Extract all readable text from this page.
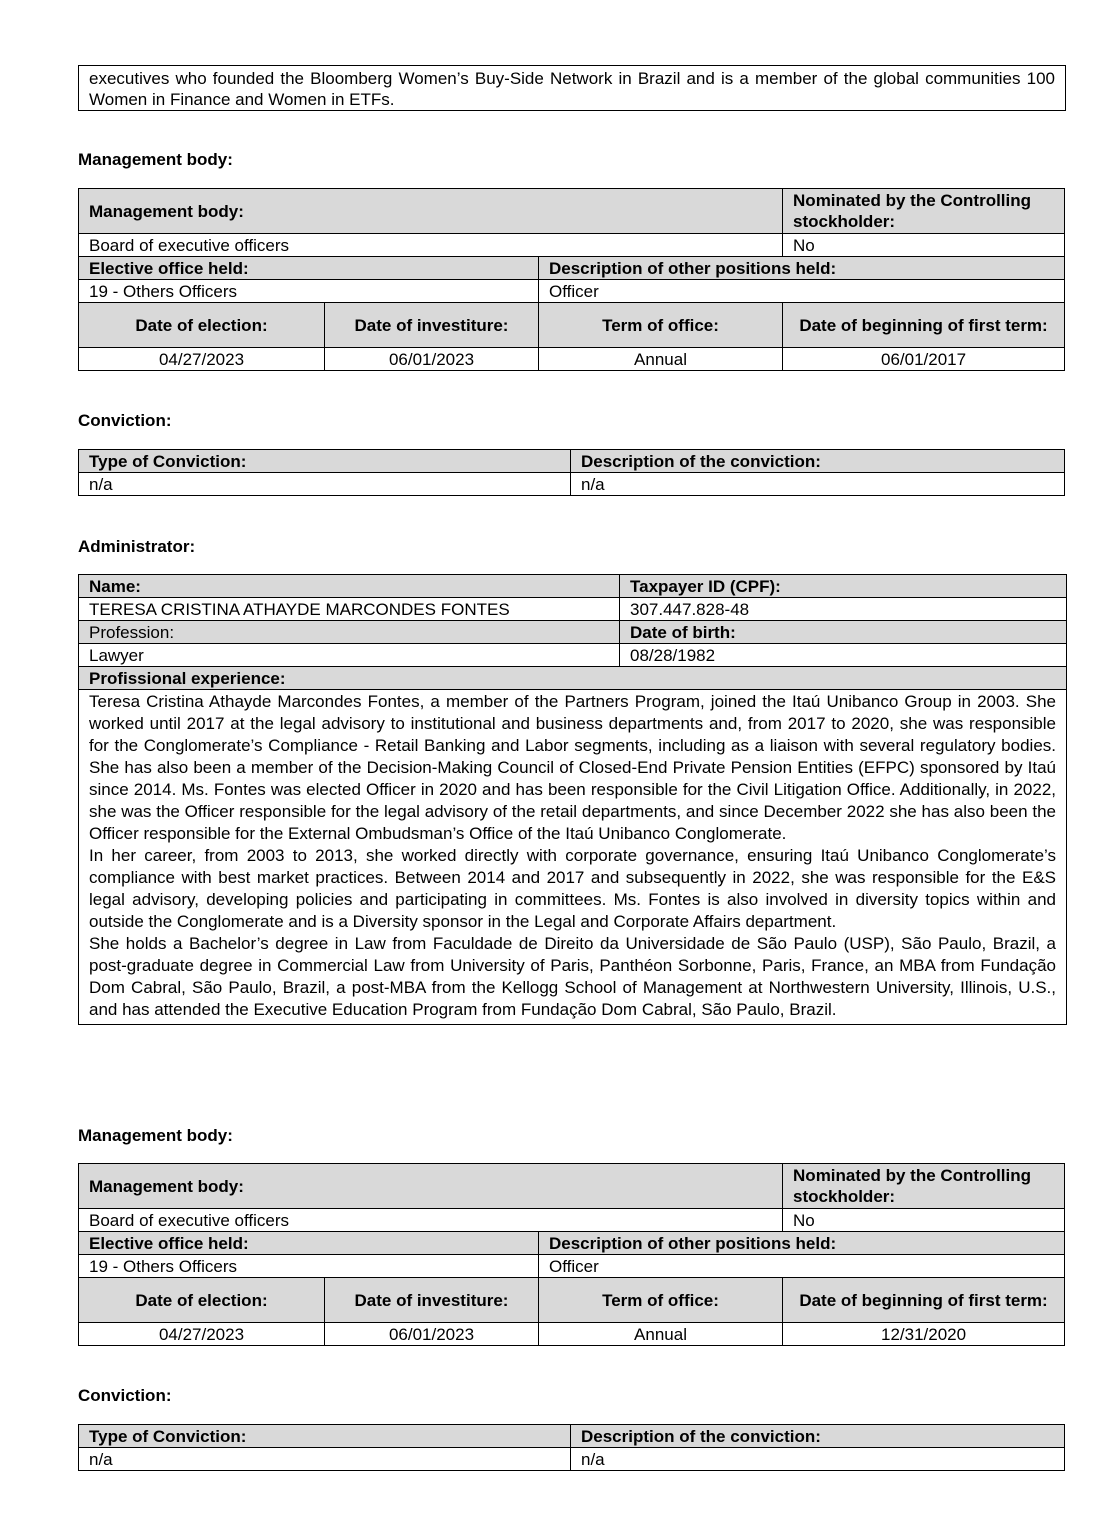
executives who founded the Bloomberg Women’s Buy-Side Network in Brazil and is a member of the global communities 100 Women in Finance and Women in ETFs.
Management body:
Management body:			Nominated by the Controlling stockholder:
Board of executive officers			No
Elective office held:		Description of other positions held:	
19 - Others Officers		Officer	
Date of election:	Date of investiture:	Term of office:	Date of beginning of first term:
04/27/2023	06/01/2023	Annual	06/01/2017
Conviction:
Type of Conviction:	Description of the conviction:
n/a	n/a
Administrator:
Name:	Taxpayer ID (CPF):
TERESA CRISTINA ATHAYDE MARCONDES FONTES	307.447.828-48
Profession:	Date of birth:
Lawyer	08/28/1982
Profissional experience:	

Teresa Cristina Athayde Marcondes Fontes, a member of the Partners Program, joined the Itaú Unibanco Group in 2003. She worked until 2017 at the legal advisory to institutional and business departments and, from 2017 to 2020, she was responsible for the Conglomerate’s Compliance - Retail Banking and Labor segments, including as a liaison with several regulatory bodies. She has also been a member of the Decision-Making Council of Closed-End Private Pension Entities (EFPC) sponsored by Itaú since 2014. Ms. Fontes was elected Officer in 2020 and has been responsible for the Civil Litigation Office. Additionally, in 2022, she was the Officer responsible for the legal advisory of the retail departments, and since December 2022 she has also been the Officer responsible for the External Ombudsman’s Office of the Itaú Unibanco Conglomerate.
In her career, from 2003 to 2013, she worked directly with corporate governance, ensuring Itaú Unibanco Conglomerate’s compliance with best market practices. Between 2014 and 2017 and subsequently in 2022, she was responsible for the E&S legal advisory, developing policies and participating in committees. Ms. Fontes is also involved in diversity topics within and outside the Conglomerate and is a Diversity sponsor in the Legal and Corporate Affairs department.
She holds a Bachelor’s degree in Law from Faculdade de Direito da Universidade de São Paulo (USP), São Paulo, Brazil, a post-graduate degree in Commercial Law from University of Paris, Panthéon Sorbonne, Paris, France, an MBA from Fundação Dom Cabral, São Paulo, Brazil, a post-MBA from the Kellogg School of Management at Northwestern University, Illinois, U.S., and has attended the Executive Education Program from Fundação Dom Cabral, São Paulo, Brazil.	
Management body:
Management body:			Nominated by the Controlling stockholder:
Board of executive officers			No
Elective office held:		Description of other positions held:	
19 - Others Officers		Officer	
Date of election:	Date of investiture:	Term of office:	Date of beginning of first term:
04/27/2023	06/01/2023	Annual	12/31/2020
Conviction:
Type of Conviction:	Description of the conviction:
n/a	n/a
